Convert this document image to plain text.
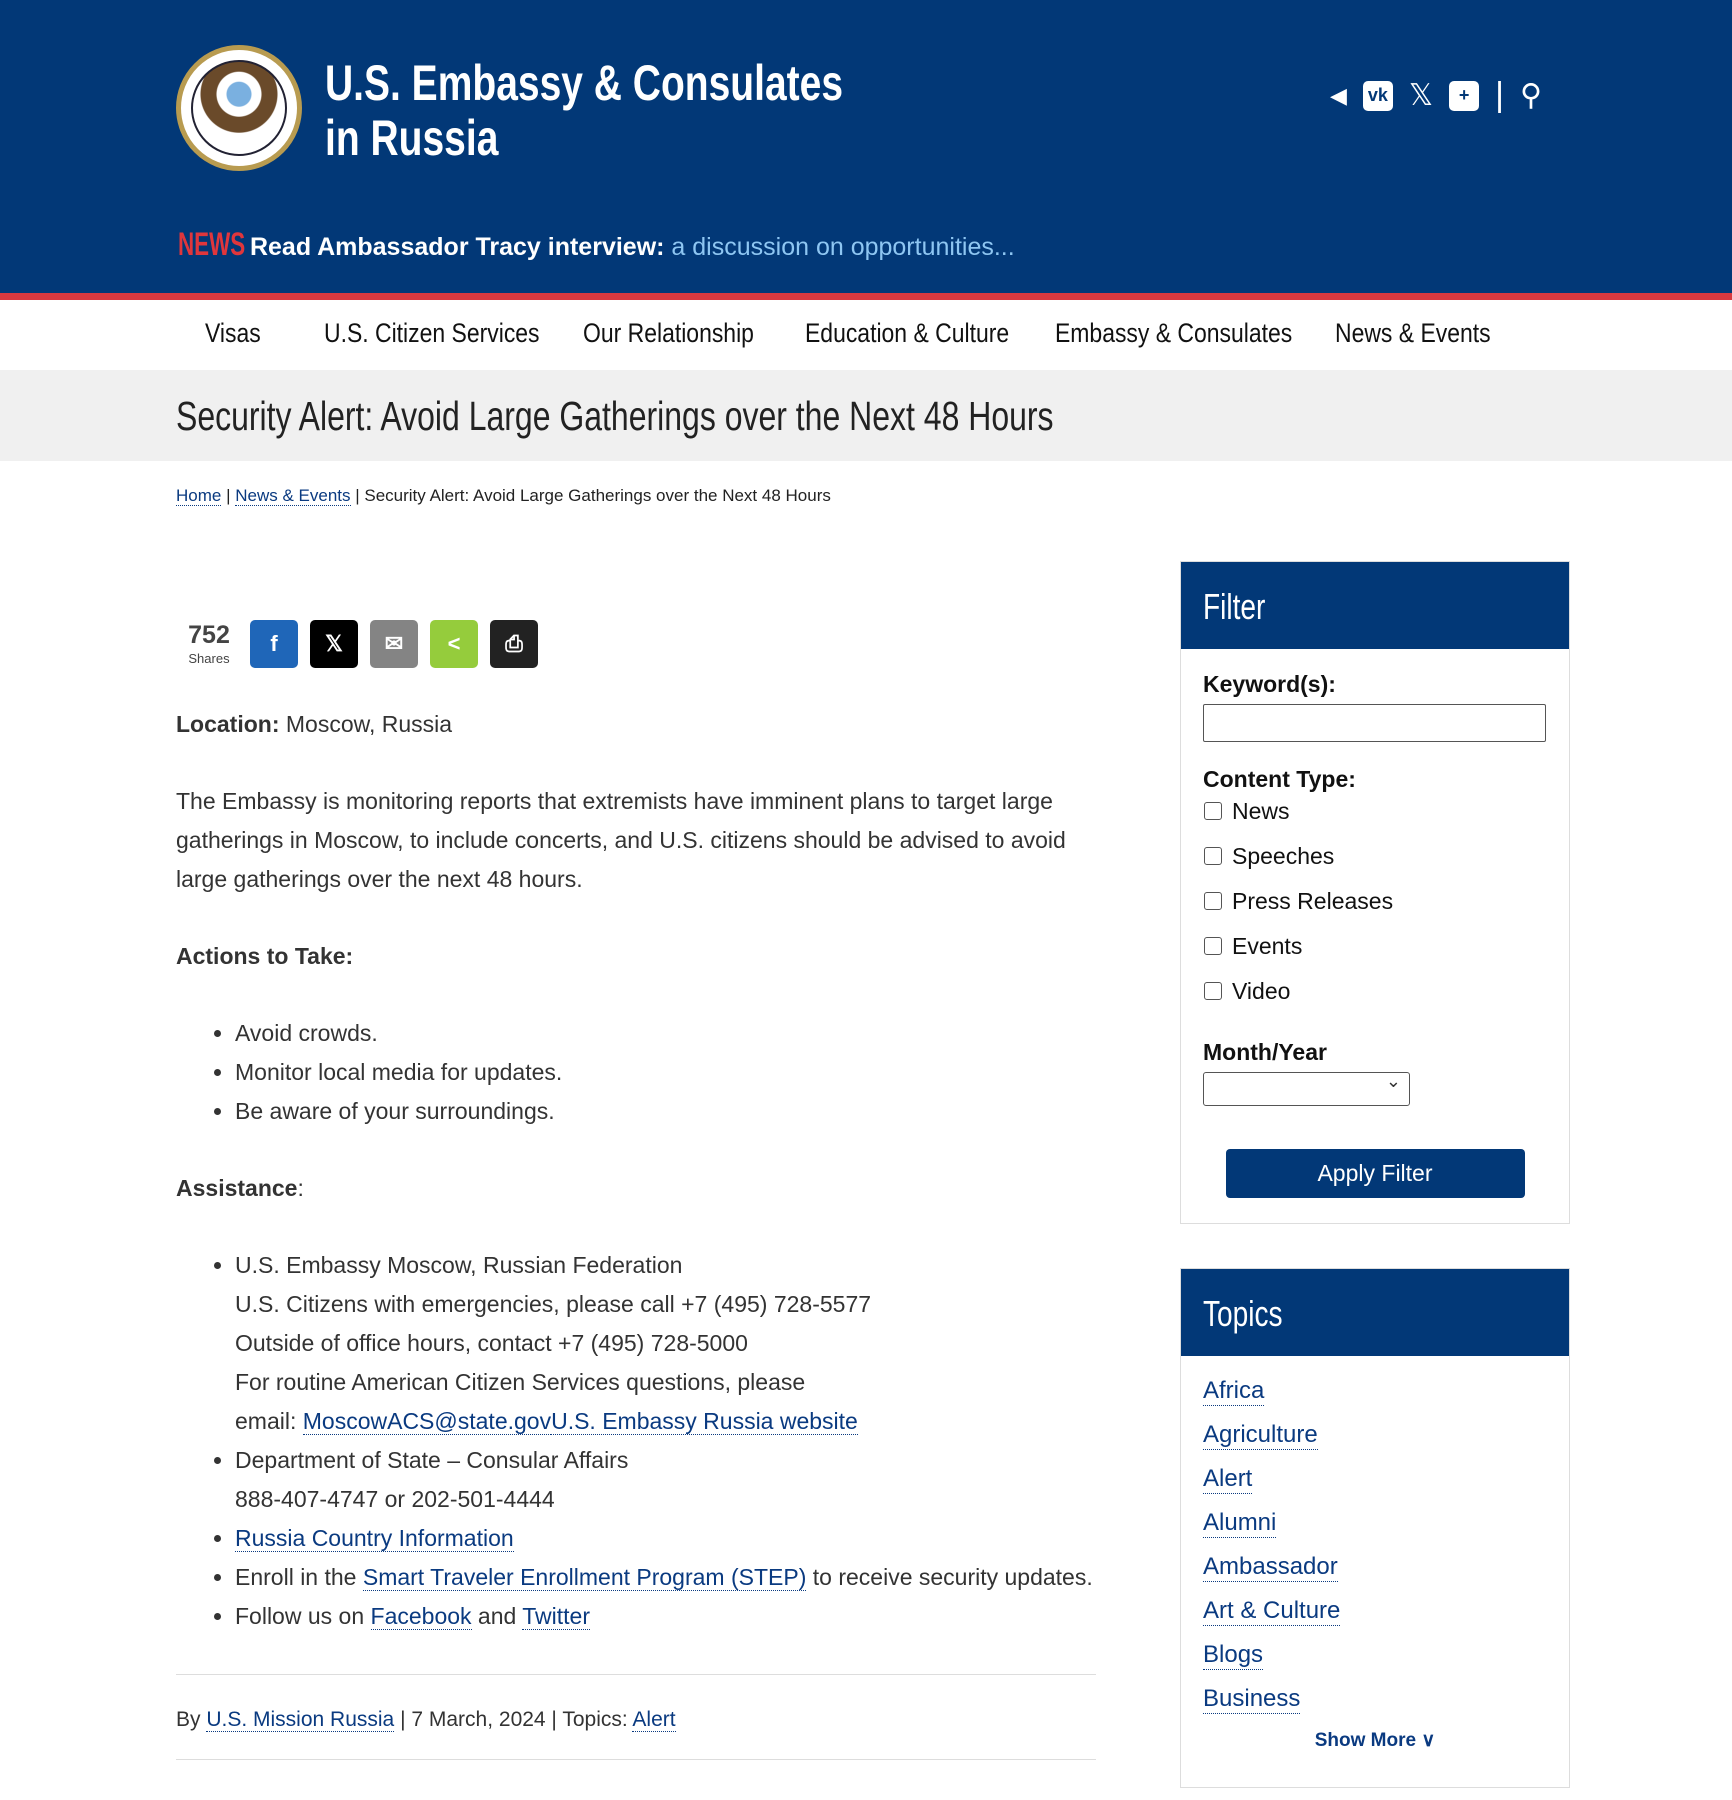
U.S. Embassy & Consulates
in Russia
◀ vk 𝕏	+ | ⚲
NEWS Read Ambassador Tracy interview: a discussion on opportunities...
Visas	U.S. Citizen Services	Our Relationship	Education & Culture	Embassy & Consulates	News & Events
Security Alert: Avoid Large Gatherings over the Next 48 Hours
Home | News & Events | Security Alert: Avoid Large Gatherings over the Next 48 Hours
752
Shares
f 𝕏 ✉ < ⎙

Location: Moscow, Russia

The Embassy is monitoring reports that extremists have imminent plans to target large gatherings in Moscow, to include concerts, and U.S. citizens should be advised to avoid large gatherings over the next 48 hours.

Actions to Take:

• Avoid crowds.
• Monitor local media for updates.
• Be aware of your surroundings.

Assistance:

• U.S. Embassy Moscow, Russian Federation
U.S. Citizens with emergencies, please call +7 (495) 728-5577
Outside of office hours, contact +7 (495) 728-5000
For routine American Citizen Services questions, please
email: MoscowACS@state.govU.S. Embassy Russia website
• Department of State – Consular Affairs
888-407-4747 or 202-501-4444
• Russia Country Information
• Enroll in the Smart Traveler Enrollment Program (STEP) to receive security updates.
• Follow us on Facebook and Twitter
By U.S. Mission Russia | 7 March, 2024 | Topics: Alert
Filter
Keyword(s):
Content Type:
News
Speeches
Press Releases
Events
Video
Month/Year
⌄
Apply Filter
Topics
Africa
Agriculture
Alert
Alumni
Ambassador
Art & Culture
Blogs
Business
Show More ∨
